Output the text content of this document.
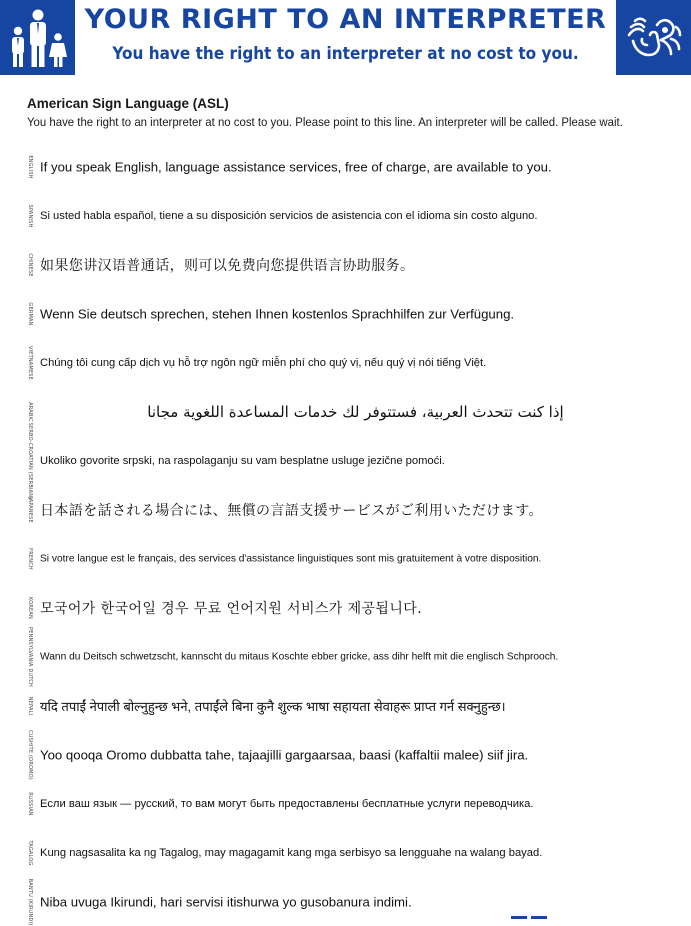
YOUR RIGHT TO AN INTERPRETER
You have the right to an interpreter at no cost to you.
American Sign Language (ASL)
You have the right to an interpreter at no cost to you. Please point to this line. An interpreter will be called. Please wait.
ENGLISH If you speak English, language assistance services, free of charge, are available to you.
SPANISH Si usted habla español, tiene a su disposición servicios de asistencia con el idioma sin costo alguno.
CHINESE 如果您讲汉语普通话，则可以免费向您提供语言协助服务。
GERMAN Wenn Sie deutsch sprechen, stehen Ihnen kostenlos Sprachhilfen zur Verfügung.
VIETNAMESE Chúng tôi cung cấp dịch vụ hỗ trợ ngôn ngữ miễn phí cho quý vị, nếu quý vị nói tiếng Việt.
ARABIC	إذا كنت تتحدث العربية، فستتوفر لك خدمات المساعدة اللغوية مجانا
SERBO-CROATIAN (SERBIAN) Ukoliko govorite srpski, na raspolaganju su vam besplatne usluge jezične pomoći.
JAPANESE 日本語を話される場合には、無償の言語支援サービスがご利用いただけます。
FRENCH Si votre langue est le français, des services d'assistance linguistiques sont mis gratuitement à votre disposition.
KOREAN 모국어가 한국어일 경우 무료 언어지원 서비스가 제공됩니다.
PENNSYLVANIA DUTCH Wann du Deitsch schwetzscht, kannscht du mitaus Koschte ebber gricke, ass dihr helft mit die englisch Schprooch.
NEPALI यदि तपाईं नेपाली बोल्नुहुन्छ भने, तपाईंले बिना कुनै शुल्क भाषा सहायता सेवाहरू प्राप्त गर्न सक्नुहुन्छ।
CUSHITE (OROMO) Yoo qooqa Oromo dubbatta tahe, tajaajilli gargaarsaa, baasi (kaffaltii malee) siif jira.
RUSSIAN Если ваш язык — русский, то вам могут быть предоставлены бесплатные услуги переводчика.
TAGALOG Kung nagsasalita ka ng Tagalog, may magagamit kang mga serbisyo sa lengguahe na walang bayad.
BANTU (KIRUNDI) Niba uvuga Ikirundi, hari servisi itishurwa yo gusobanura indimi.
